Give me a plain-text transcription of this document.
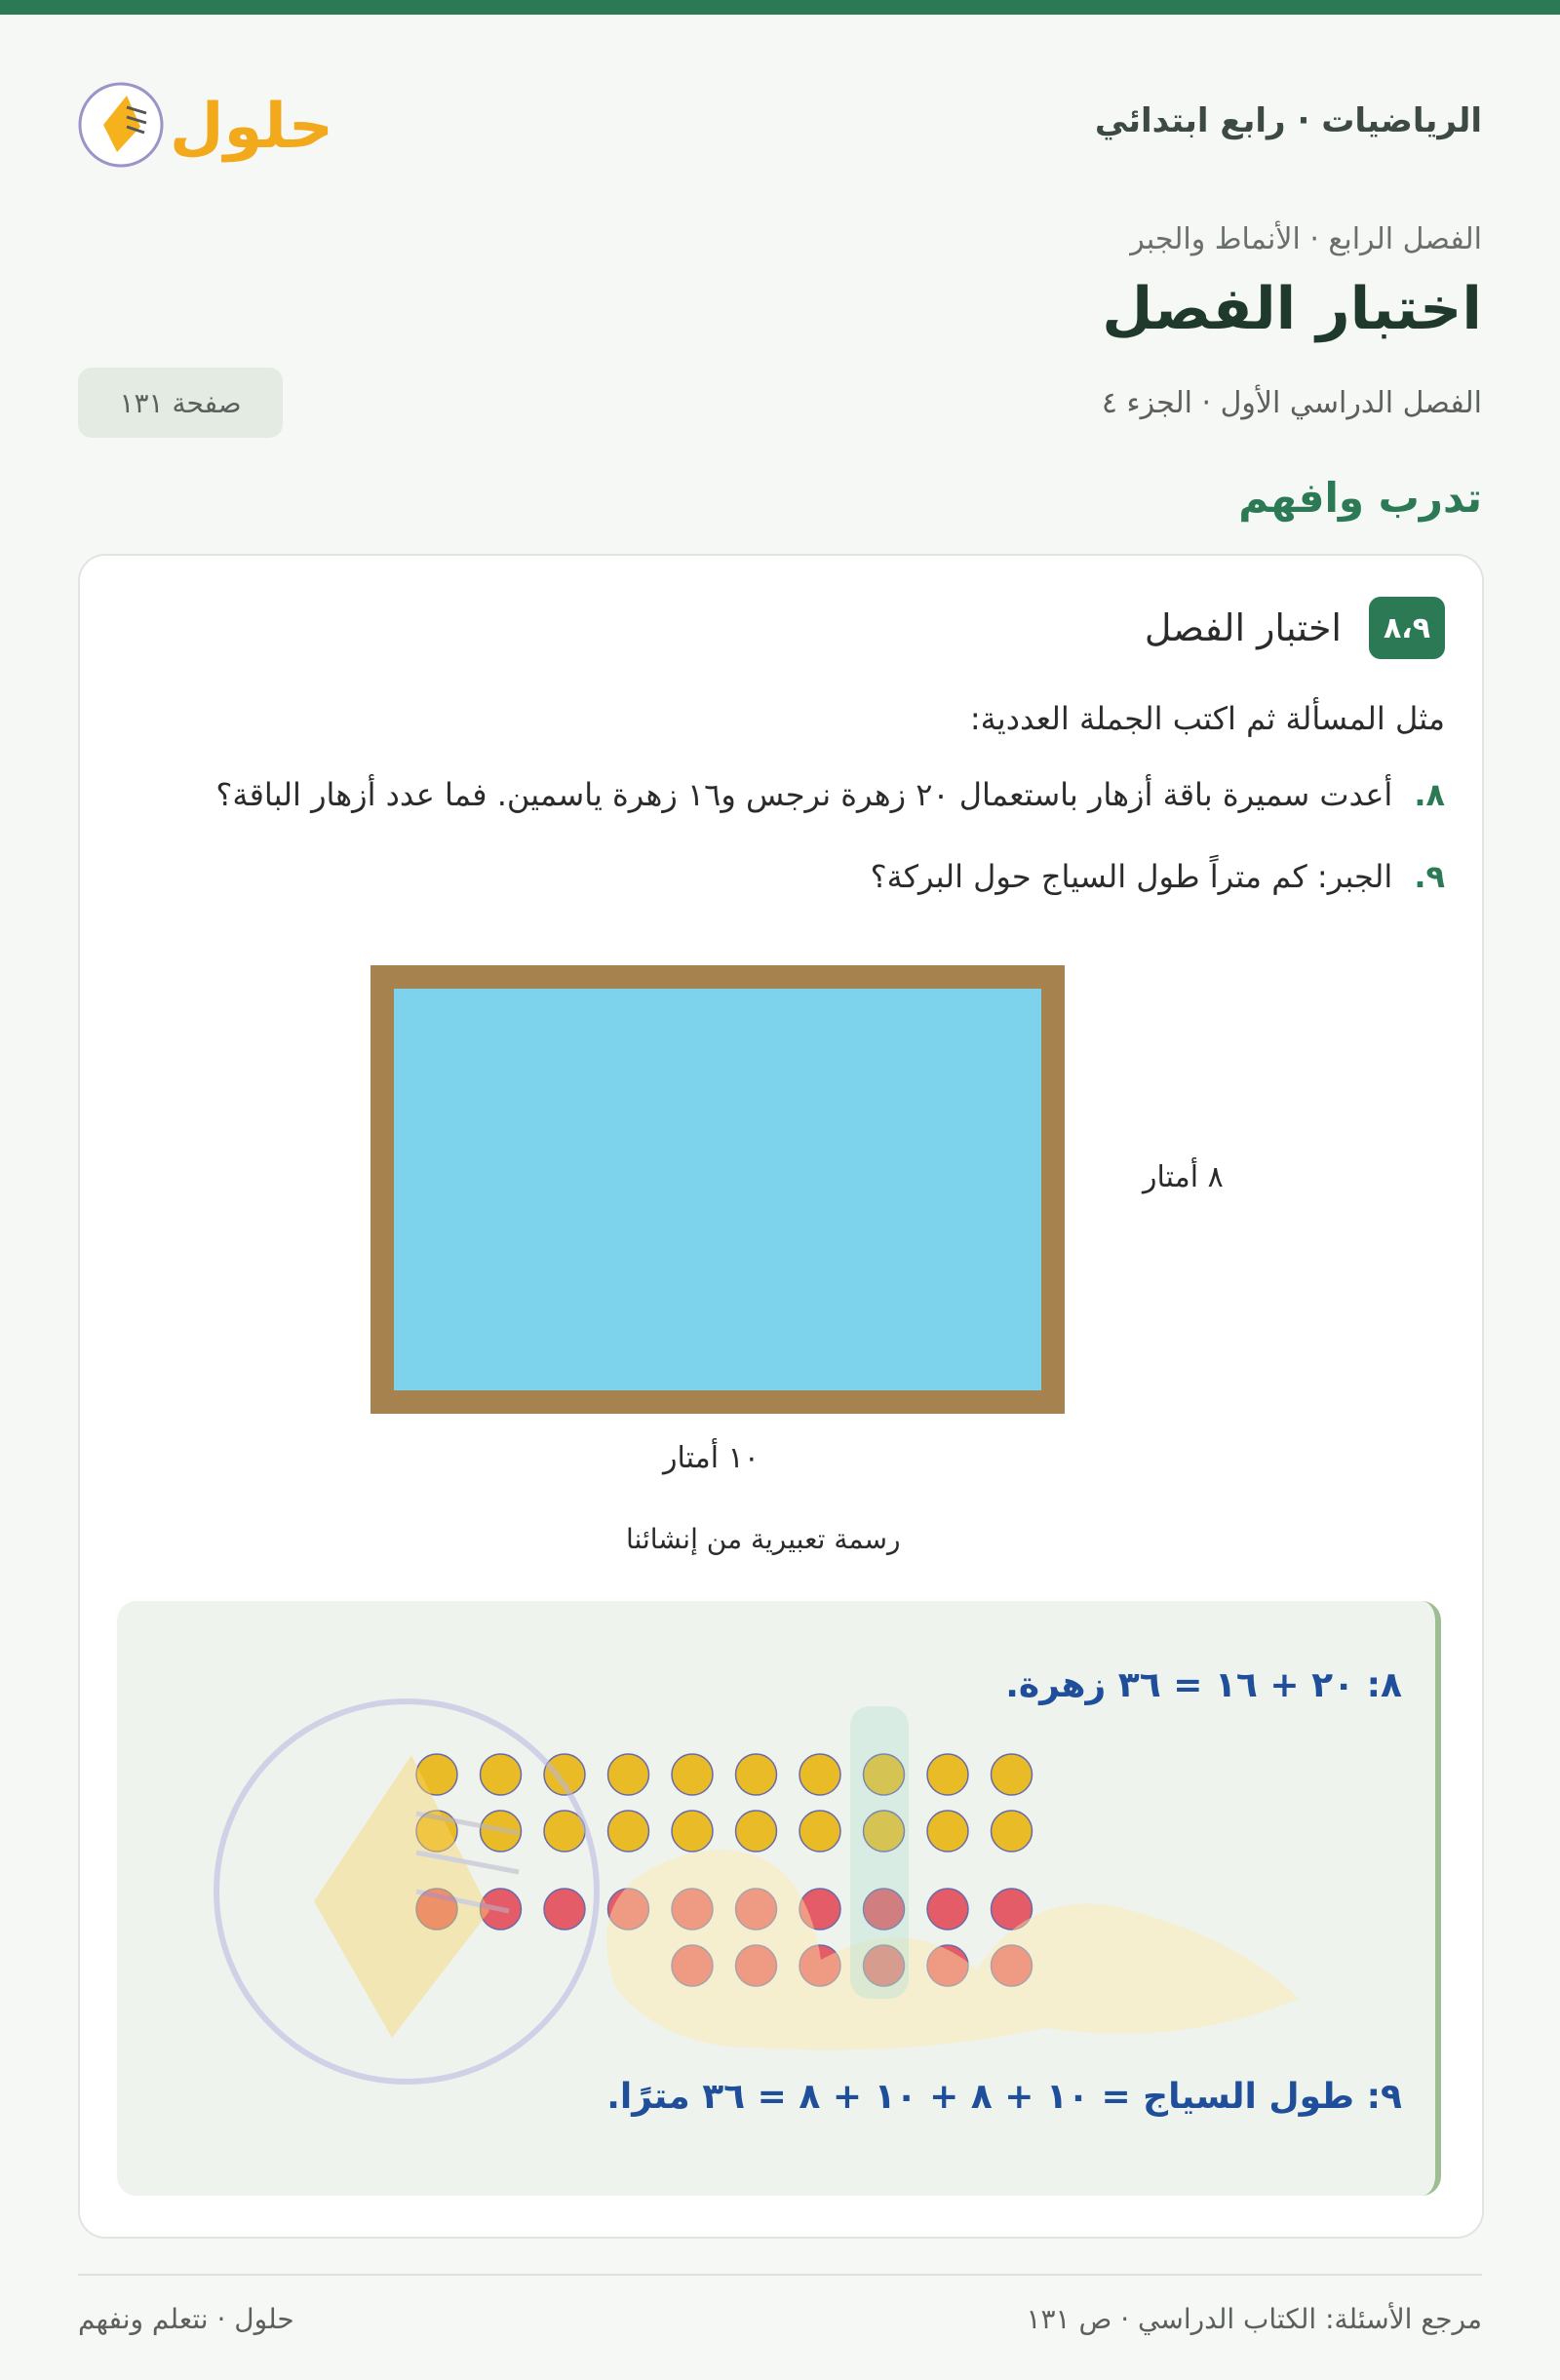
الرياضيات · رابع ابتدائي
حلول
الفصل الرابع · الأنماط والجبر
اختبار الفصل
الفصل الدراسي الأول · الجزء ٤
صفحة ١٣١
تدرب وافهم
٨،٩
اختبار الفصل
مثل المسألة ثم اكتب الجملة العددية:
٨.أعدت سميرة باقة أزهار باستعمال ٢٠ زهرة نرجس و١٦ زهرة ياسمين. فما عدد أزهار الباقة؟
٩.الجبر: كم متراً طول السياج حول البركة؟
٨ أمتار
١٠ أمتار
رسمة تعبيرية من إنشائنا
٨: ٢٠ + ١٦ = ٣٦ زهرة.
٩: طول السياج = ١٠ + ٨ + ١٠ + ٨ = ٣٦ مترًا.
مرجع الأسئلة: الكتاب الدراسي · ص ١٣١
حلول · نتعلم ونفهم
